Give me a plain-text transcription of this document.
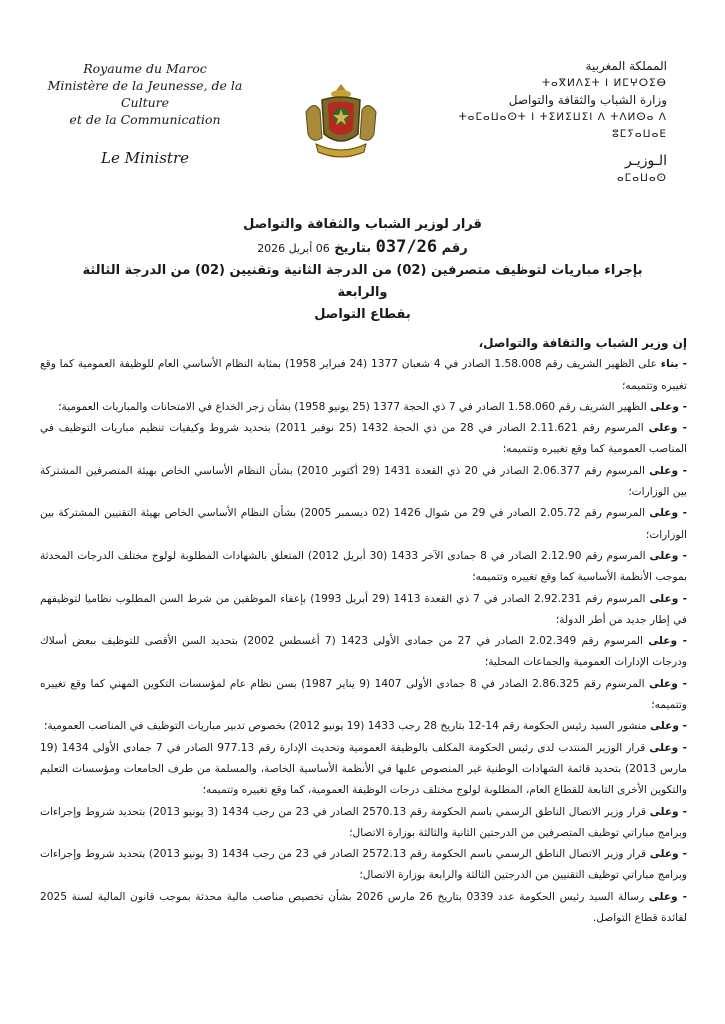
Royaume du Maroc
Ministère de la Jeunesse, de la Culture
et de la Communication
Le Ministre
المملكة المغربية
ⵜⴰⴳⵍⴷⵉⵜ ⵏ ⵍⵎⵖⵔⵉⴱ
وزارة الشباب والثقافة والتواصل
ⵜⴰⵎⴰⵡⴰⵙⵜ ⵏ ⵜⵉⵍⵉⵡⵉⵏ ⴷ ⵜⴷⵍⵙⴰ ⴷ ⵓⵎⵢⴰⵡⴰⴹ
الـوزيـر
ⴰⵎⴰⵡⴰⵙ
قرار لوزير الشباب والثقافة والتواصل
رقم 037/26 بتاريخ 06 أبريل 2026
بإجراء مباريات لتوظيف متصرفين (02) من الدرجة الثانية وتقنيين (02) من الدرجة الثالثة والرابعة
بقطاع التواصل
إن وزير الشباب والثقافة والتواصل،

- بناء على الظهير الشريف رقم 1.58.008 الصادر في 4 شعبان 1377 (24 فبراير 1958) بمثابة النظام الأساسي العام للوظيفة العمومية كما وقع تغييره وتتميمه؛

- وعلى الظهير الشريف رقم 1.58.060 الصادر في 7 ذي الحجة 1377 (25 يونيو 1958) بشأن زجر الخداع في الامتحانات والمباريات العمومية؛

- وعلى المرسوم رقم 2.11.621 الصادر في 28 من ذي الحجة 1432 (25 نوفبر 2011) بتحديد شروط وكيفيات تنظيم مباريات التوظيف في المناصب العمومية كما وقع تغييره وتتميمه؛

- وعلى المرسوم رقم 2.06.377 الصادر في 20 ذي القعدة 1431 (29 أكتوبر 2010) بشأن النظام الأساسي الخاص بهيئة المتصرفين المشتركة بين الوزارات؛

- وعلى المرسوم رقم 2.05.72 الصادر في 29 من شوال 1426 (02 ديسمبر 2005) بشأن النظام الأساسي الخاص بهيئة التقنيين المشتركة بين الوزارات؛

- وعلى المرسوم رقم 2.12.90 الصادر في 8 جمادى الآخر 1433 (30 أبريل 2012) المتعلق بالشهادات المطلوبة لولوج مختلف الدرجات المحدثة بموجب الأنظمة الأساسية كما وقع تغييره وتتميمه؛

- وعلى المرسوم رقم 2.92.231 الصادر في 7 ذي القعدة 1413 (29 أبريل 1993) بإعفاء الموظفين من شرط السن المطلوب نظاميا لتوظيفهم في إطار جديد من أطر الدولة؛

- وعلى المرسوم رقم 2.02.349 الصادر في 27 من جمادى الأولى 1423 (7 أغسطس 2002) بتحديد السن الأقصى للتوظيف ببعض أسلاك ودرجات الإدارات العمومية والجماعات المحلية؛

- وعلى المرسوم رقم 2.86.325 الصادر في 8 جمادى الأولى 1407 (9 يناير 1987) بسن نظام عام لمؤسسات التكوين المهني كما وقع تغييره وتتميمه؛

- وعلى منشور السيد رئيس الحكومة رقم 14-12 بتاريخ 28 رجب 1433 (19 يونيو 2012) بخصوص تدبير مباريات التوظيف في المناصب العمومية؛

- وعلى قرار الوزير المنتدب لدى رئيس الحكومة المكلف بالوظيفة العمومية وتحديث الإدارة رقم 977.13 الصادر في 7 جمادى الأولى 1434 (19 مارس 2013) بتحديد قائمة الشهادات الوطنية غير المنصوص عليها في الأنظمة الأساسية الخاصة، والمسلمة من طرف الجامعات ومؤسسات التعليم والتكوين الأخرى التابعة للقطاع العام، المطلوبة لولوج مختلف درجات الوظيفة العمومية، كما وقع تغييره وتتميمه؛

- وعلى قرار وزير الاتصال الناطق الرسمي باسم الحكومة رقم 2570.13 الصادر في 23 من رجب 1434 (3 يونيو 2013) بتحديد شروط وإجراءات وبرامج مباراتي توظيف المتصرفين من الدرجتين الثانية والثالثة بوزارة الاتصال؛

- وعلى قرار وزير الاتصال الناطق الرسمي باسم الحكومة رقم 2572.13 الصادر في 23 من رجب 1434 (3 يونيو 2013) بتحديد شروط وإجراءات وبرامج مباراتي توظيف التقنيين من الدرجتين الثالثة والرابعة بوزارة الاتصال؛

- وعلى رسالة السيد رئيس الحكومة عدد 0339 بتاريخ 26 مارس 2026 بشأن تخصيص مناصب مالية محدثة بموجب قانون المالية لسنة 2025 لفائدة قطاع التواصل.
